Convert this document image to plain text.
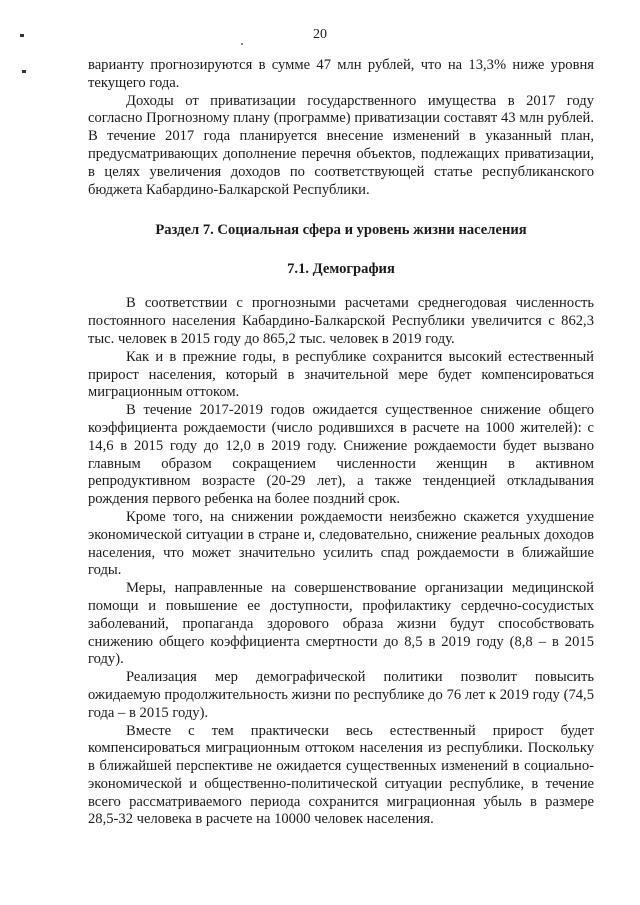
20

варианту прогнозируются в сумме 47 млн рублей, что на 13,3% ниже уровня текущего года.

Доходы от приватизации государственного имущества в 2017 году согласно Прогнозному плану (программе) приватизации составят 43 млн рублей. В течение 2017 года планируется внесение изменений в указанный план, предусматривающих дополнение перечня объектов, подлежащих приватизации, в целях увеличения доходов по соответствующей статье республиканского бюджета Кабардино-Балкарской Республики.

Раздел 7. Социальная сфера и уровень жизни населения
7.1. Демография

В соответствии с прогнозными расчетами среднегодовая численность постоянного населения Кабардино-Балкарской Республики увеличится с 862,3 тыс. человек в 2015 году до 865,2 тыс. человек в 2019 году.

Как и в прежние годы, в республике сохранится высокий естественный прирост населения, который в значительной мере будет компенсироваться миграционным оттоком.

В течение 2017-2019 годов ожидается существенное снижение общего коэффициента рождаемости (число родившихся в расчете на 1000 жителей): с 14,6 в 2015 году до 12,0 в 2019 году. Снижение рождаемости будет вызвано главным образом сокращением численности женщин в активном репродуктивном возрасте (20-29 лет), а также тенденцией откладывания рождения первого ребенка на более поздний срок.

Кроме того, на снижении рождаемости неизбежно скажется ухудшение экономической ситуации в стране и, следовательно, снижение реальных доходов населения, что может значительно усилить спад рождаемости в ближайшие годы.

Меры, направленные на совершенствование организации медицинской помощи и повышение ее доступности, профилактику сердечно-сосудистых заболеваний, пропаганда здорового образа жизни будут способствовать снижению общего коэффициента смертности до 8,5 в 2019 году (8,8 – в 2015 году).

Реализация мер демографической политики позволит повысить ожидаемую продолжительность жизни по республике до 76 лет к 2019 году (74,5 года – в 2015 году).

Вместе с тем практически весь естественный прирост будет компенсироваться миграционным оттоком населения из республики. Поскольку в ближайшей перспективе не ожидается существенных изменений в социально-экономической и общественно-политической ситуации республике, в течение всего рассматриваемого периода сохранится миграционная убыль в размере 28,5-32 человека в расчете на 10000 человек населения.
